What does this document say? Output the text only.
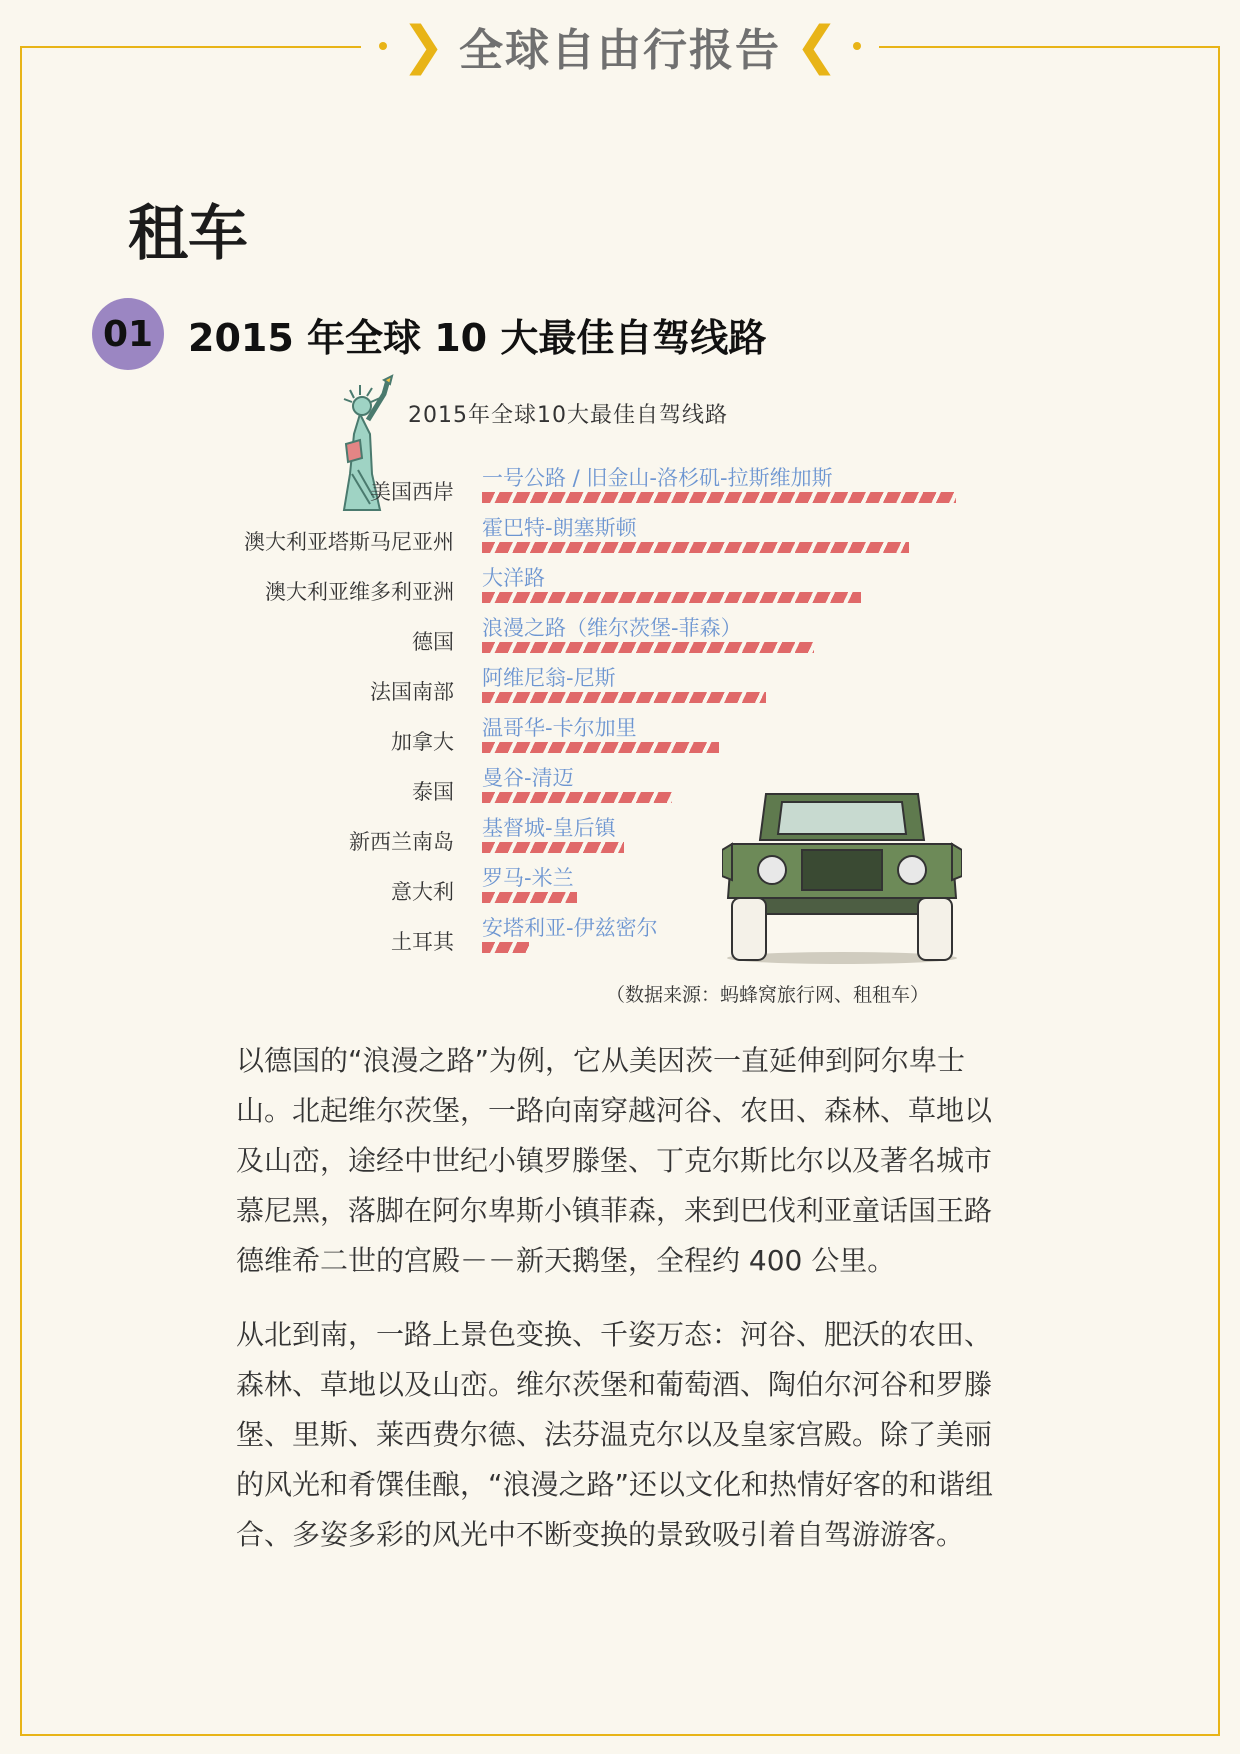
❯ 全球自由行报告 ❮
租车
01 2015 年全球 10 大最佳自驾线路
2015年全球10大最佳自驾线路
美国西岸
一号公路 / 旧金山-洛杉矶-拉斯维加斯
澳大利亚塔斯马尼亚州
霍巴特-朗塞斯顿
澳大利亚维多利亚洲
大洋路
德国
浪漫之路（维尔茨堡-菲森）
法国南部
阿维尼翁-尼斯
加拿大
温哥华-卡尔加里
泰国
曼谷-清迈
新西兰南岛
基督城-皇后镇
意大利
罗马-米兰
土耳其
安塔利亚-伊兹密尔
（数据来源：蚂蜂窝旅行网、租租车）

以德国的“浪漫之路”为例，它从美因茨一直延伸到阿尔卑士山。北起维尔茨堡，一路向南穿越河谷、农田、森林、草地以及山峦，途经中世纪小镇罗滕堡、丁克尔斯比尔以及著名城市慕尼黑，落脚在阿尔卑斯小镇菲森，来到巴伐利亚童话国王路德维希二世的宫殿－－新天鹅堡，全程约 400 公里。

从北到南，一路上景色变换、千姿万态：河谷、肥沃的农田、森林、草地以及山峦。维尔茨堡和葡萄酒、陶伯尔河谷和罗滕堡、里斯、莱西费尔德、法芬温克尔以及皇家宫殿。除了美丽的风光和肴馔佳酿，“浪漫之路”还以文化和热情好客的和谐组合、多姿多彩的风光中不断变换的景致吸引着自驾游游客。
